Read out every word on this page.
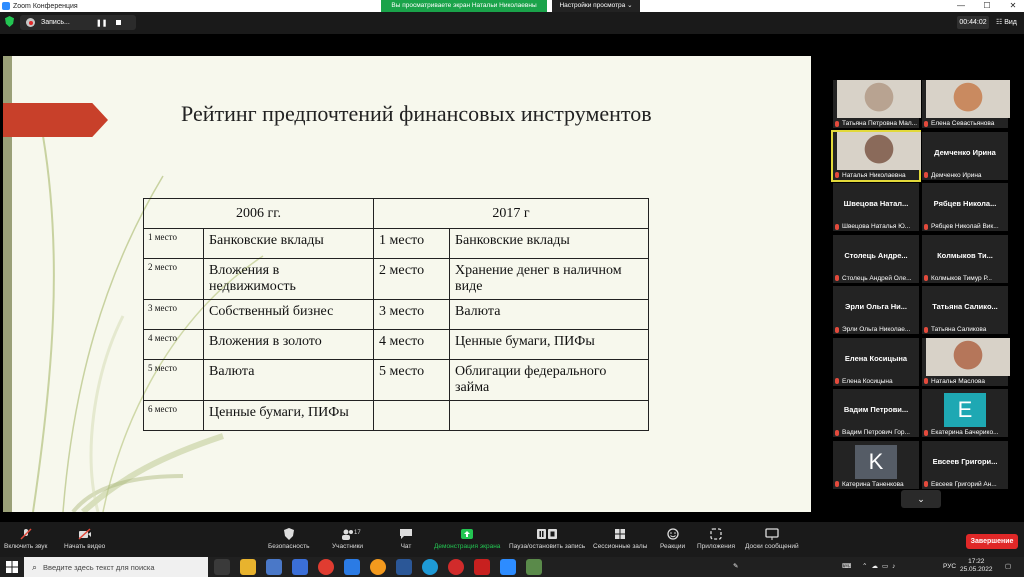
Zoom Конференция	Вы просматриваете экран Натальи Николаевны	Настройки просмотра ⌄	—	☐	✕
Запись...	❚❚	00:44:02	☷ Вид
Рейтинг предпочтений финансовых инструментов
2006 гг.		2017 г	
1 место	Банковские вклады	1 место	Банковские вклады
2 место	Вложения в недвижимость	2 место	Хранение денег в наличном виде
3 место	Собственный бизнес	3 место	Валюта
4 место	Вложения в золото	4 место	Ценные бумаги, ПИФы
5 место	Валюта	5 место	Облигации федерального займа
6 место	Ценные бумаги, ПИФы		
Татьяна Петровна Мал... Елена Севастьянова
Наталья Николаевна
Демченко Ирина
Демченко Ирина
Швецова Натал...
Швецова Наталья Ю...
Рябцев Никола...
Рябцев Николай Вик...
Столець Андре...
Столець Андрей Оле...
Колмыков Ти...
Колмыков Тимур Р...
Эрли Ольга Ни...
Эрли Ольга Николае...
Татьяна Салико...
Татьяна Саликова
Елена Косицына
Елена Косицына	Наталья Маслова
Вадим Петрови...
Вадим Петрович Гор...
E
Екатерина Бачерико...
K
Катерина Таненкова
Евсеев Григори...
Евсеев Григорий Ан...
⌄
Включить звук	Начать видео	Безопасность	Участники
17
Чат	Демонстрация экрана Пауза/остановить запись Сессионные залы Реакции Приложения Доски сообщений
Завершение
⌕ Введите здесь текст для поиска	✎	⌨	⌃☁▭♪	РУС
17:22
25.05.2022 ▢
